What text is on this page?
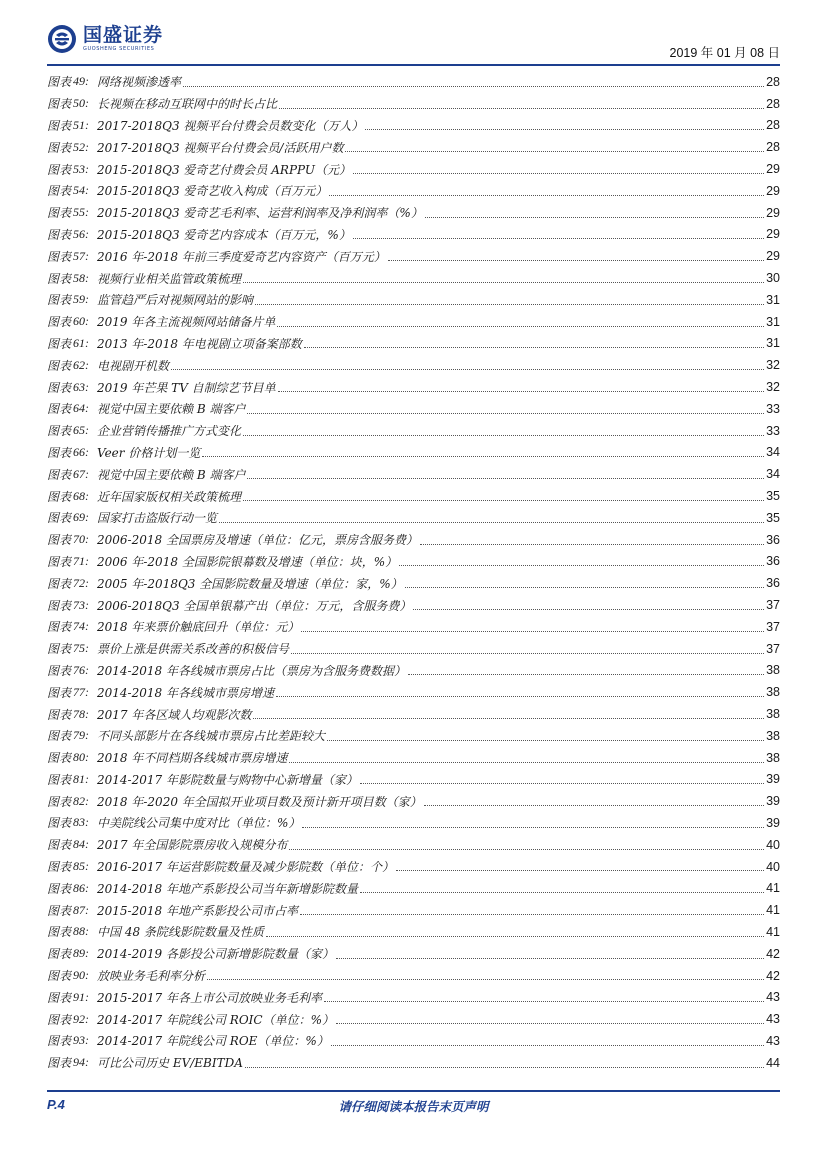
国盛证券
GUOSHENG SECURITIES	2019 年 01 月 08 日
图表 49: 网络视频渗透率	28
图表 50: 长视频在移动互联网中的时长占比	28
图表 51: 2017-2018Q3 视频平台付费会员数变化（万人）	28
图表 52: 2017-2018Q3 视频平台付费会员/活跃用户数	28
图表 53: 2015-2018Q3 爱奇艺付费会员 ARPPU（元）	29
图表 54: 2015-2018Q3 爱奇艺收入构成（百万元）	29
图表 55: 2015-2018Q3 爱奇艺毛利率、运营利润率及净利润率（%）	29
图表 56: 2015-2018Q3 爱奇艺内容成本（百万元，%）	29
图表 57: 2016 年-2018 年前三季度爱奇艺内容资产（百万元）	29
图表 58: 视频行业相关监管政策梳理	30
图表 59: 监管趋严后对视频网站的影响	31
图表 60: 2019 年各主流视频网站储备片单	31
图表 61: 2013 年-2018 年电视剧立项备案部数	31
图表 62: 电视剧开机数	32
图表 63: 2019 年芒果 TV 自制综艺节目单	32
图表 64: 视觉中国主要依赖 B 端客户	33
图表 65: 企业营销传播推广方式变化	33
图表 66: Veer 价格计划一览	34
图表 67: 视觉中国主要依赖 B 端客户	34
图表 68: 近年国家版权相关政策梳理	35
图表 69: 国家打击盗版行动一览	35
图表 70: 2006-2018 全国票房及增速（单位：亿元，票房含服务费）	36
图表 71: 2006 年-2018 全国影院银幕数及增速（单位：块，%）	36
图表 72: 2005 年-2018Q3 全国影院数量及增速（单位：家，%）	36
图表 73: 2006-2018Q3 全国单银幕产出（单位：万元，含服务费）	37
图表 74: 2018 年来票价触底回升（单位：元）	37
图表 75: 票价上涨是供需关系改善的积极信号	37
图表 76: 2014-2018 年各线城市票房占比（票房为含服务费数据）	38
图表 77: 2014-2018 年各线城市票房增速	38
图表 78: 2017 年各区域人均观影次数	38
图表 79: 不同头部影片在各线城市票房占比差距较大	38
图表 80: 2018 年不同档期各线城市票房增速	38
图表 81: 2014-2017 年影院数量与购物中心新增量（家）	39
图表 82: 2018 年-2020 年全国拟开业项目数及预计新开项目数（家）	39
图表 83: 中美院线公司集中度对比（单位：%）	39
图表 84: 2017 年全国影院票房收入规模分布	40
图表 85: 2016-2017 年运营影院数量及减少影院数（单位：个）	40
图表 86: 2014-2018 年地产系影投公司当年新增影院数量	41
图表 87: 2015-2018 年地产系影投公司市占率	41
图表 88: 中国 48 条院线影院数量及性质	41
图表 89: 2014-2019 各影投公司新增影院数量（家）	42
图表 90: 放映业务毛利率分析	42
图表 91: 2015-2017 年各上市公司放映业务毛利率	43
图表 92: 2014-2017 年院线公司 ROIC（单位：%）	43
图表 93: 2014-2017 年院线公司 ROE（单位：%）	43
图表 94: 可比公司历史 EV/EBITDA	44
P.4	请仔细阅读本报告末页声明
